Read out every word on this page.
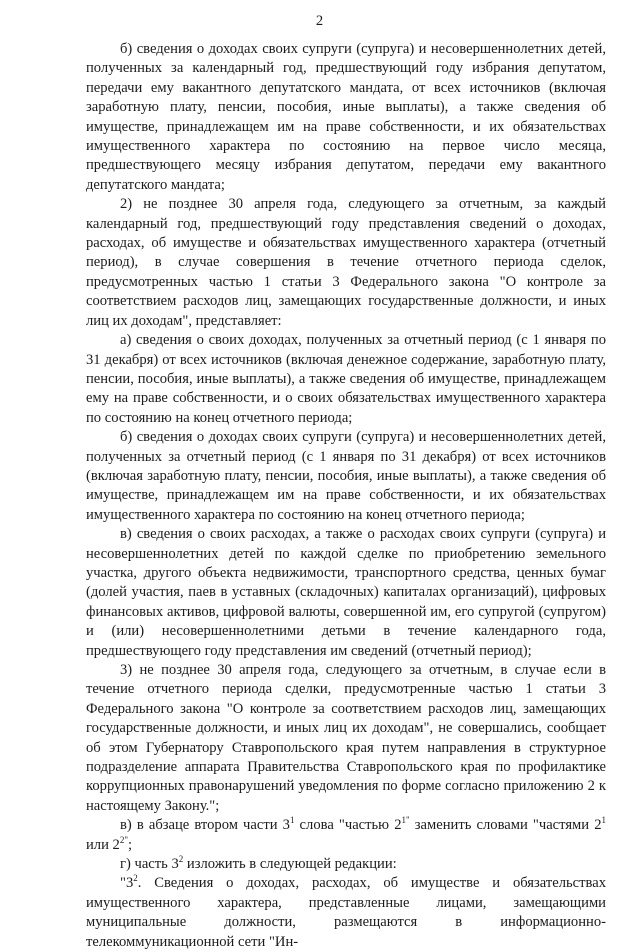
2

б) сведения о доходах своих супруги (супруга) и несовершеннолетних детей, полученных за календарный год, предшествующий году избрания депутатом, передачи ему вакантного депутатского мандата, от всех источников (включая заработную плату, пенсии, пособия, иные выплаты), а также сведения об имуществе, принадлежащем им на праве собственности, и их обязательствах имущественного характера по состоянию на первое число месяца, предшествующего месяцу избрания депутатом, передачи ему вакантного депутатского мандата;

2) не позднее 30 апреля года, следующего за отчетным, за каждый календарный год, предшествующий году представления сведений о доходах, расходах, об имуществе и обязательствах имущественного характера (отчетный период), в случае совершения в течение отчетного периода сделок, предусмотренных частью 1 статьи 3 Федерального закона "О контроле за соответствием расходов лиц, замещающих государственные должности, и иных лиц их доходам", представляет:

а) сведения о своих доходах, полученных за отчетный период (с 1 января по 31 декабря) от всех источников (включая денежное содержание, заработную плату, пенсии, пособия, иные выплаты), а также сведения об имуществе, принадлежащем ему на праве собственности, и о своих обязательствах имущественного характера по состоянию на конец отчетного периода;

б) сведения о доходах своих супруги (супруга) и несовершеннолетних детей, полученных за отчетный период (с 1 января по 31 декабря) от всех источников (включая заработную плату, пенсии, пособия, иные выплаты), а также сведения об имуществе, принадлежащем им на праве собственности, и их обязательствах имущественного характера по состоянию на конец отчетного периода;

в) сведения о своих расходах, а также о расходах своих супруги (супруга) и несовершеннолетних детей по каждой сделке по приобретению земельного участка, другого объекта недвижимости, транспортного средства, ценных бумаг (долей участия, паев в уставных (складочных) капиталах организаций), цифровых финансовых активов, цифровой валюты, совершенной им, его супругой (супругом) и (или) несовершеннолетними детьми в течение календарного года, предшествующего году представления им сведений (отчетный период);

3) не позднее 30 апреля года, следующего за отчетным, в случае если в течение отчетного периода сделки, предусмотренные частью 1 статьи 3 Федерального закона "О контроле за соответствием расходов лиц, замещающих государственные должности, и иных лиц их доходам", не совершались, сообщает об этом Губернатору Ставропольского края путем направления в структурное подразделение аппарата Правительства Ставропольского края по профилактике коррупционных правонарушений уведомления по форме согласно приложению 2 к настоящему Закону.";

в) в абзаце втором части $3^1$ слова "частью $2^{1"}$ заменить словами "частями $2^1$ или $2^{2"}$;

г) часть $3^2$ изложить в следующей редакции:

"$3^2$. Сведения о доходах, расходах, об имуществе и обязательствах имущественного характера, представленные лицами, замещающими муниципальные должности, размещаются в информационно-телекоммуникационной сети "Ин-
